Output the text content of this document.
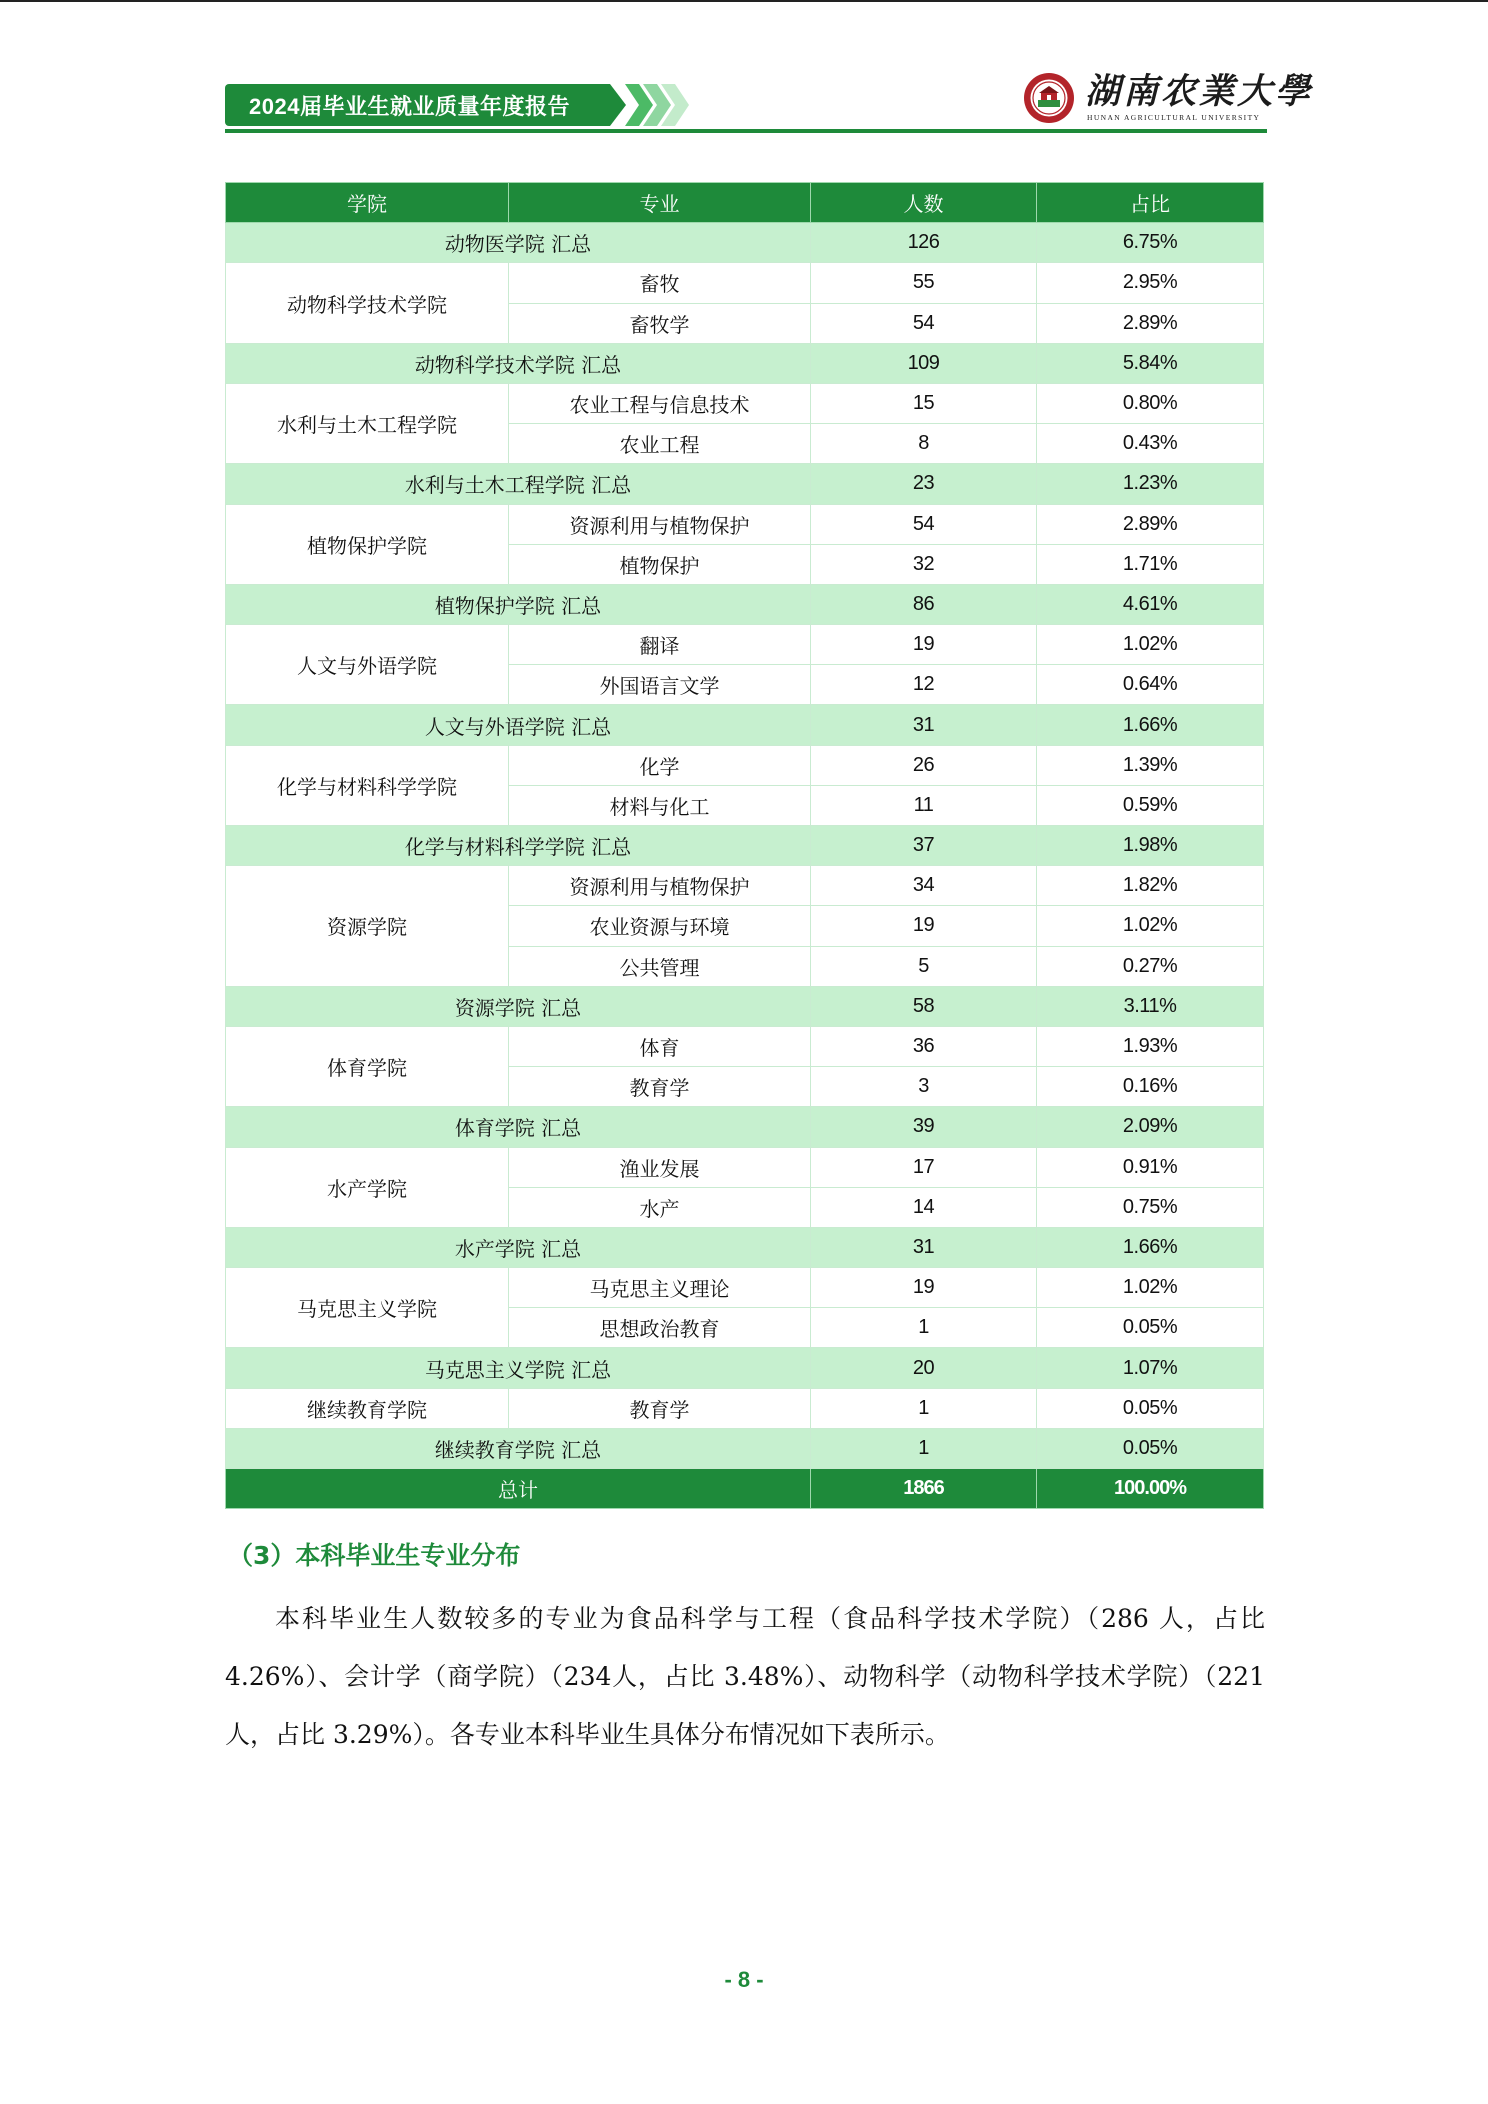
2024届毕业生就业质量年度报告	湖南农業大學
HUNAN AGRICULTURAL UNIVERSITY
学院	专业	人数	占比
动物医学院 汇总		126	6.75%
动物科学技术学院	畜牧	55	2.95%
	畜牧学	54	2.89%
动物科学技术学院 汇总		109	5.84%
水利与土木工程学院	农业工程与信息技术	15	0.80%
	农业工程	8	0.43%
水利与土木工程学院 汇总		23	1.23%
植物保护学院	资源利用与植物保护	54	2.89%
	植物保护	32	1.71%
植物保护学院 汇总		86	4.61%
人文与外语学院	翻译	19	1.02%
	外国语言文学	12	0.64%
人文与外语学院 汇总		31	1.66%
化学与材料科学学院	化学	26	1.39%
	材料与化工	11	0.59%
化学与材料科学学院 汇总		37	1.98%
资源学院	资源利用与植物保护	34	1.82%
	农业资源与环境	19	1.02%
	公共管理	5	0.27%
资源学院 汇总		58	3.11%
体育学院	体育	36	1.93%
	教育学	3	0.16%
体育学院 汇总		39	2.09%
水产学院	渔业发展	17	0.91%
	水产	14	0.75%
水产学院 汇总		31	1.66%
马克思主义学院	马克思主义理论	19	1.02%
	思想政治教育	1	0.05%
马克思主义学院 汇总		20	1.07%
继续教育学院	教育学	1	0.05%
继续教育学院 汇总		1	0.05%
总计		1866	100.00%
（3）本科毕业生专业分布

本科毕业生人数较多的专业为食品科学与工程（食品科学技术学院）（286 人，占比 4.26%）、会计学（商学院）（234人，占比 3.48%）、动物科学（动物科学技术学院）（221人，占比 3.29%）。各专业本科毕业生具体分布情况如下表所示。

- 8 -
